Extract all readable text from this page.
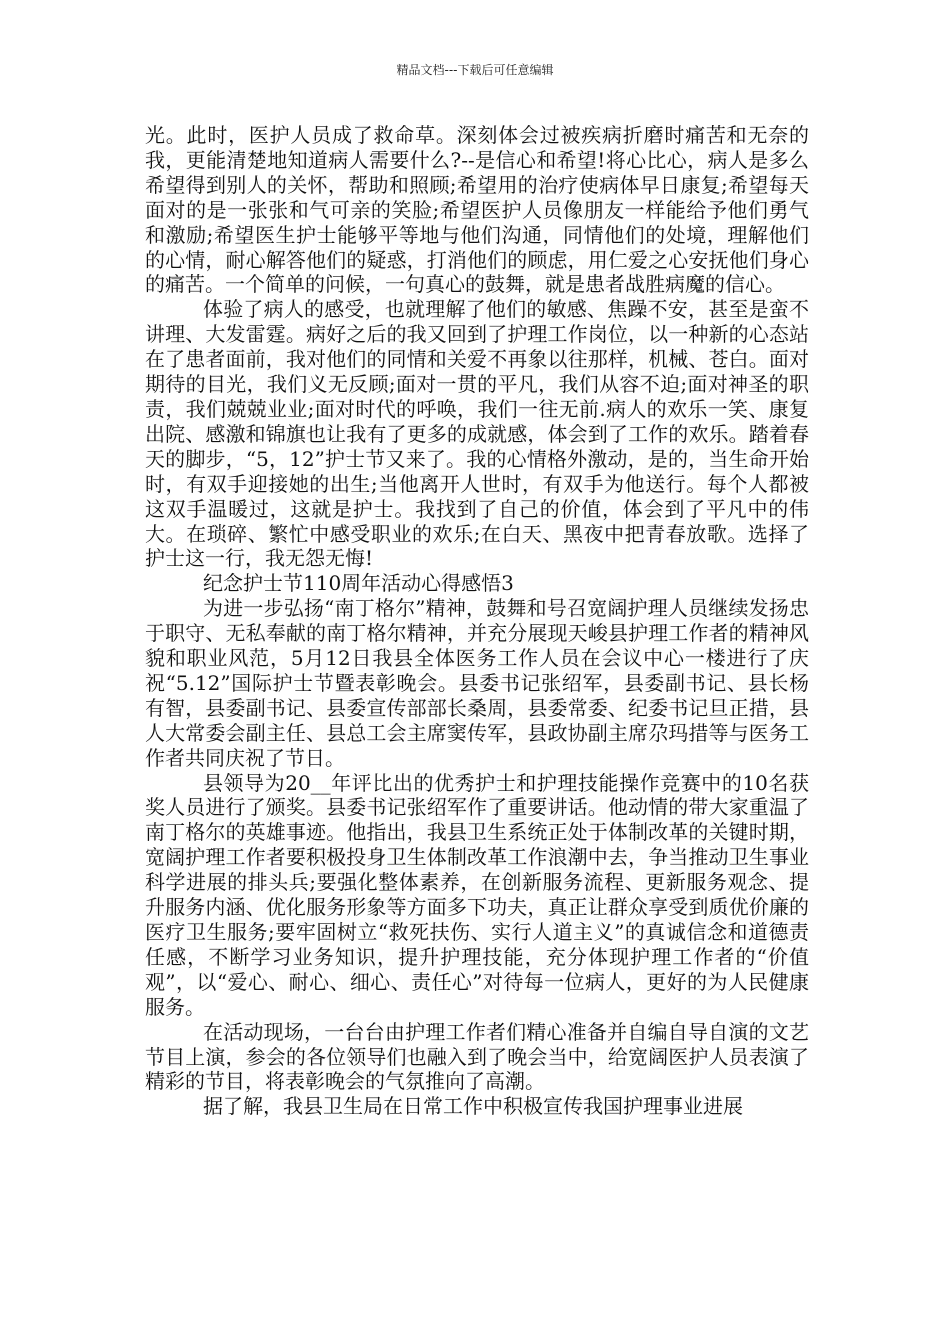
精品文档---下载后可任意编辑

光。此时，医护人员成了救命草。深刻体会过被疾病折磨时痛苦和无奈的我，更能清楚地知道病人需要什么?--是信心和希望!将心比心，病人是多么希望得到别人的关怀，帮助和照顾;希望用的治疗使病体早日康复;希望每天面对的是一张张和气可亲的笑脸;希望医护人员像朋友一样能给予他们勇气和激励;希望医生护士能够平等地与他们沟通，同情他们的处境，理解他们的心情，耐心解答他们的疑惑，打消他们的顾虑，用仁爱之心安抚他们身心的痛苦。一个简单的问候，一句真心的鼓舞，就是患者战胜病魔的信心。

体验了病人的感受，也就理解了他们的敏感、焦躁不安，甚至是蛮不讲理、大发雷霆。病好之后的我又回到了护理工作岗位，以一种新的心态站在了患者面前，我对他们的同情和关爱不再象以往那样，机械、苍白。面对期待的目光，我们义无反顾;面对一贯的平凡，我们从容不迫;面对神圣的职责，我们兢兢业业;面对时代的呼唤，我们一往无前.病人的欢乐一笑、康复出院、感激和锦旗也让我有了更多的成就感，体会到了工作的欢乐。踏着春天的脚步，“5，12”护士节又来了。我的心情格外激动，是的，当生命开始时，有双手迎接她的出生;当他离开人世时，有双手为他送行。每个人都被这双手温暖过，这就是护士。我找到了自己的价值，体会到了平凡中的伟大。在琐碎、繁忙中感受职业的欢乐;在白天、黑夜中把青春放歌。选择了护士这一行，我无怨无悔!

纪念护士节110周年活动心得感悟3

为进一步弘扬“南丁格尔”精神，鼓舞和号召宽阔护理人员继续发扬忠于职守、无私奉献的南丁格尔精神，并充分展现天峻县护理工作者的精神风貌和职业风范，5月12日我县全体医务工作人员在会议中心一楼进行了庆祝“5.12”国际护士节暨表彰晚会。县委书记张绍军，县委副书记、县长杨有智，县委副书记、县委宣传部部长桑周，县委常委、纪委书记旦正措，县人大常委会副主任、县总工会主席窦传军，县政协副主席尕玛措等与医务工作者共同庆祝了节日。

县领导为20__年评比出的优秀护士和护理技能操作竞赛中的10名获奖人员进行了颁奖。县委书记张绍军作了重要讲话。他动情的带大家重温了南丁格尔的英雄事迹。他指出，我县卫生系统正处于体制改革的关键时期，宽阔护理工作者要积极投身卫生体制改革工作浪潮中去，争当推动卫生事业科学进展的排头兵;要强化整体素养，在创新服务流程、更新服务观念、提升服务内涵、优化服务形象等方面多下功夫，真正让群众享受到质优价廉的医疗卫生服务;要牢固树立“救死扶伤、实行人道主义”的真诚信念和道德责任感，不断学习业务知识，提升护理技能，充分体现护理工作者的“价值观”，以“爱心、耐心、细心、责任心”对待每一位病人，更好的为人民健康服务。

在活动现场，一台台由护理工作者们精心准备并自编自导自演的文艺节目上演，参会的各位领导们也融入到了晚会当中，给宽阔医护人员表演了精彩的节目，将表彰晚会的气氛推向了高潮。

据了解，我县卫生局在日常工作中积极宣传我国护理事业进展
